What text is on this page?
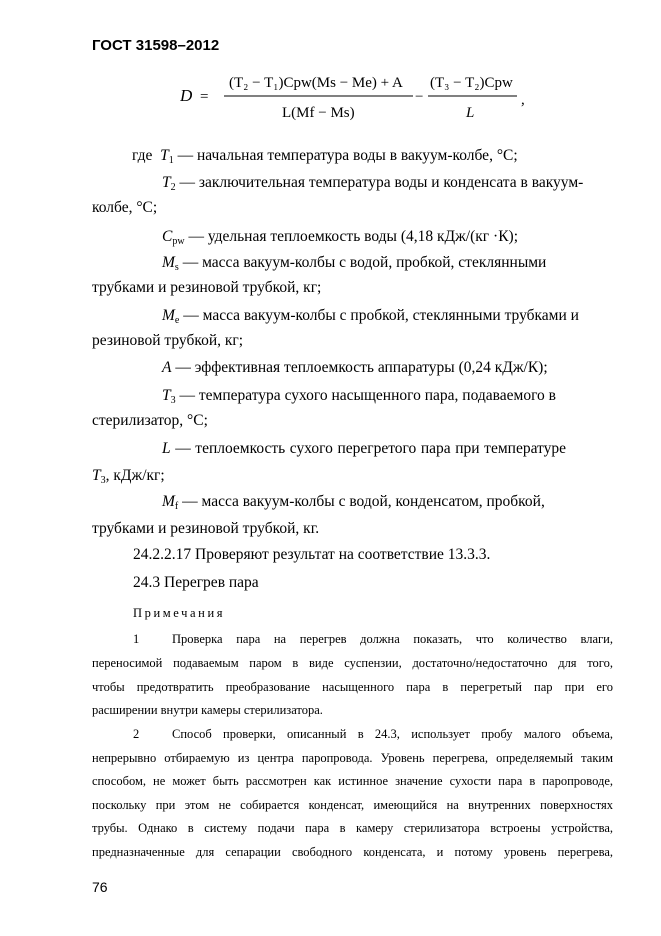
ГОСТ 31598–2012
D =
(T₂ − T₁)Cpw(Ms − Me) + A
L(Mf − Ms)
−
(T₃ − T₂)Cpw
L
,
где $T_1$ — начальная температура воды в вакуум-колбе, °С;
$T_2$ — заключительная температура воды и конденсата в вакуум-
колбе, °С;
$C_{pw}$ — удельная теплоемкость воды (4,18 кДж/(кг ·К);
$M_s$ — масса вакуум-колбы с водой, пробкой, стеклянными
трубками и резиновой трубкой, кг;
$M_e$ — масса вакуум-колбы с пробкой, стеклянными трубками и
резиновой трубкой, кг;
A — эффективная теплоемкость аппаратуры (0,24 кДж/К);
$T_3$ — температура сухого насыщенного пара, подаваемого в
стерилизатор, °С;
L — теплоемкость сухого перегретого пара при температуре
$T_3$, кДж/кг;
$M_f$ — масса вакуум-колбы с водой, конденсатом, пробкой,
трубками и резиновой трубкой, кг.
24.2.2.17 Проверяют результат на соответствие 13.3.3.
24.3 Перегрев пара
Примечания
1	Проверка пара на перегрев должна показать, что количество влаги,
переносимой подаваемым паром в виде суспензии, достаточно/недостаточно для того,
чтобы предотвратить преобразование насыщенного пара в перегретый пар при его
расширении внутри камеры стерилизатора.
2	Способ проверки, описанный в 24.3, использует пробу малого объема,
непрерывно отбираемую из центра паропровода. Уровень перегрева, определяемый таким
способом, не может быть рассмотрен как истинное значение сухости пара в паропроводе,
поскольку при этом не собирается конденсат, имеющийся на внутренних поверхностях
трубы. Однако в систему подачи пара в камеру стерилизатора встроены устройства,
предназначенные для сепарации свободного конденсата, и потому уровень перегрева,
76
